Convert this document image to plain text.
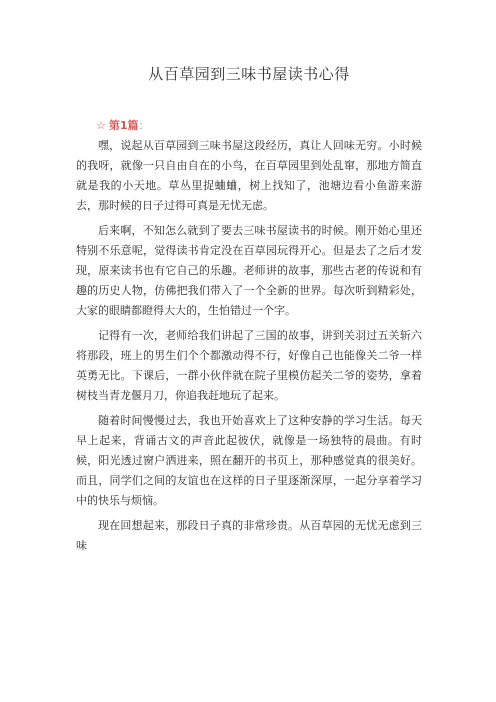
从百草园到三味书屋读书心得
☆ 第1篇：

嘿，说起从百草园到三味书屋这段经历，真让人回味无穷。小时候的我呀，就像一只自由自在的小鸟，在百草园里到处乱窜，那地方简直就是我的小天地。草丛里捉蛐蛐，树上找知了，池塘边看小鱼游来游去，那时候的日子过得可真是无忧无虑。

后来啊，不知怎么就到了要去三味书屋读书的时候。刚开始心里还特别不乐意呢，觉得读书肯定没在百草园玩得开心。但是去了之后才发现，原来读书也有它自己的乐趣。老师讲的故事，那些古老的传说和有趣的历史人物，仿佛把我们带入了一个全新的世界。每次听到精彩处，大家的眼睛都瞪得大大的，生怕错过一个字。

记得有一次，老师给我们讲起了三国的故事，讲到关羽过五关斩六将那段，班上的男生们个个都激动得不行，好像自己也能像关二爷一样英勇无比。下课后，一群小伙伴就在院子里模仿起关二爷的姿势，拿着树枝当青龙偃月刀，你追我赶地玩了起来。

随着时间慢慢过去，我也开始喜欢上了这种安静的学习生活。每天早上起来，背诵古文的声音此起彼伏，就像是一场独特的晨曲。有时候，阳光透过窗户洒进来，照在翻开的书页上，那种感觉真的很美好。而且，同学们之间的友谊也在这样的日子里逐渐深厚，一起分享着学习中的快乐与烦恼。

现在回想起来，那段日子真的非常珍贵。从百草园的无忧无虑到三味
